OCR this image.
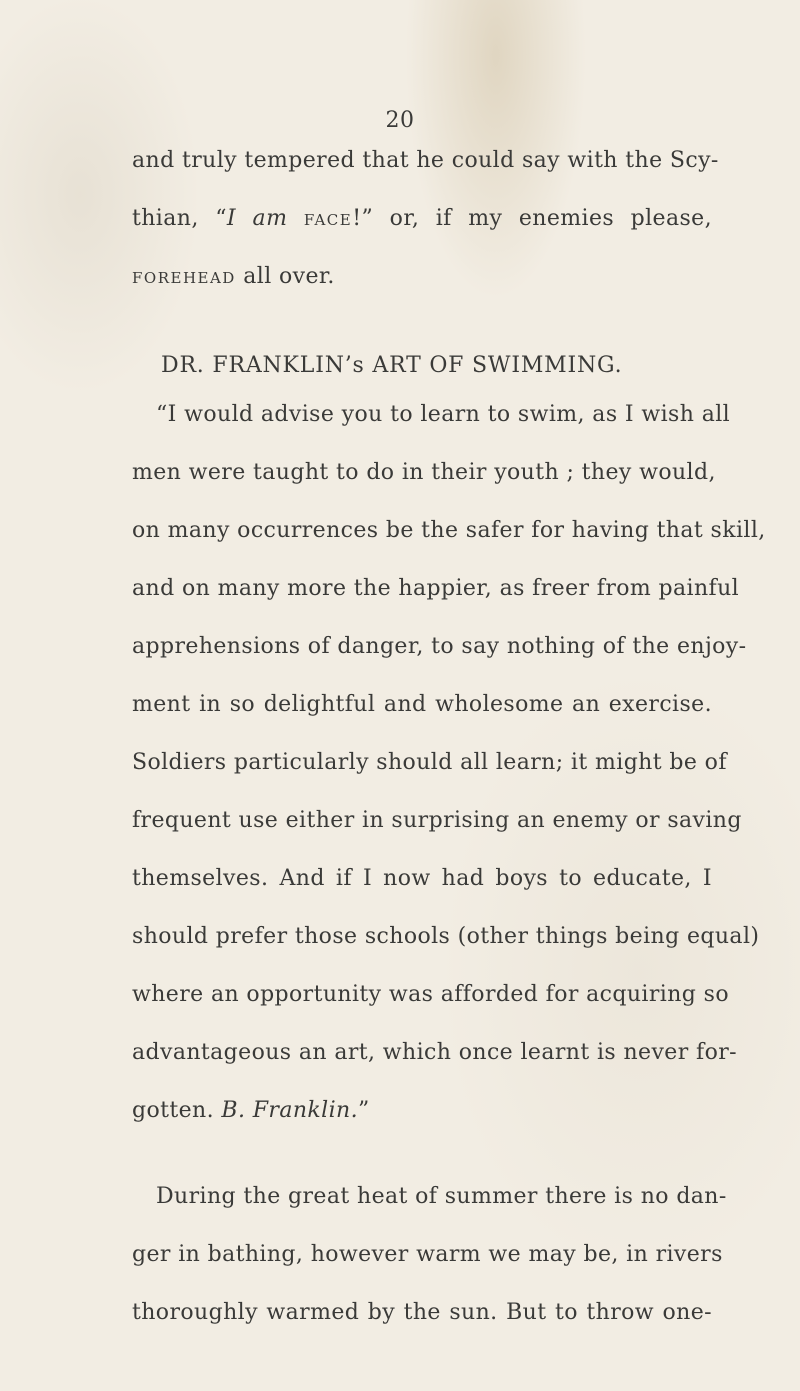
20
and truly tempered that he could say with the Scy-
thian, “I am face!” or, if my enemies please,
forehead all over.
DR. FRANKLIN’s ART OF SWIMMING.
“I would advise you to learn to swim, as I wish all
men were taught to do in their youth ; they would,
on many occurrences be the safer for having that skill,
and on many more the happier, as freer from painful
apprehensions of danger, to say nothing of the enjoy-
ment in so delightful and wholesome an exercise.
Soldiers particularly should all learn; it might be of
frequent use either in surprising an enemy or saving
themselves. And if I now had boys to educate, I
should prefer those schools (other things being equal)
where an opportunity was afforded for acquiring so
advantageous an art, which once learnt is never for-
gotten. B. Franklin.”
During the great heat of summer there is no dan-
ger in bathing, however warm we may be, in rivers
thoroughly warmed by the sun. But to throw one-
